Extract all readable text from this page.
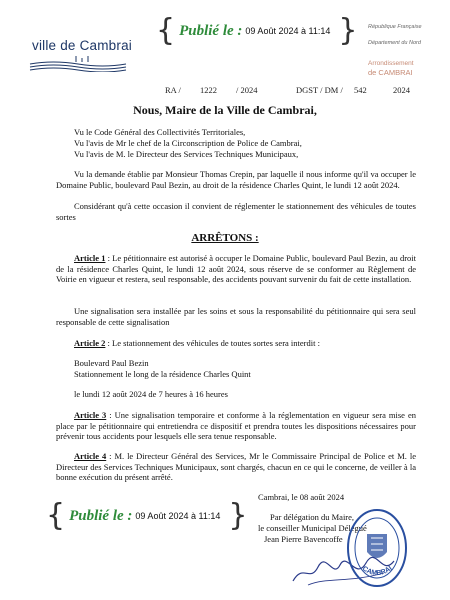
ville de Cambrai { Publié le : 09 Août 2024 à 11:14 } République Française
Département du Nord
Arrondissement
de CAMBRAI
RA / 1222 / 2024	DGST / DM / 542	2024
Nous, Maire de la Ville de Cambrai,

Vu le Code Général des Collectivités Territoriales,

Vu l'avis de Mr le chef de la Circonscription de Police de Cambrai,

Vu l'avis de M. le Directeur des Services Techniques Municipaux,

Vu la demande établie par Monsieur Thomas Crepin, par laquelle il nous informe qu'il va occuper le Domaine Public, boulevard Paul Bezin, au droit de la résidence Charles Quint, le lundi 12 août 2024.

Considérant qu'à cette occasion il convient de réglementer le stationnement des véhicules de toutes sortes

ARRÊTONS :

Article 1 : Le pétitionnaire est autorisé à occuper le Domaine Public, boulevard Paul Bezin, au droit de la résidence Charles Quint, le lundi 12 août 2024, sous réserve de se conformer au Règlement de Voirie en vigueur et restera, seul responsable, des accidents pouvant survenir du fait de cette installation.

Une signalisation sera installée par les soins et sous la responsabilité du pétitionnaire qui sera seul responsable de cette signalisation

Article 2 : Le stationnement des véhicules de toutes sortes sera interdit :

Boulevard Paul Bezin

Stationnement le long de la résidence Charles Quint

le lundi 12 août 2024 de 7 heures à 16 heures

Article 3 : Une signalisation temporaire et conforme à la réglementation en vigueur sera mise en place par le pétitionnaire qui entretiendra ce dispositif et prendra toutes les dispositions nécessaires pour prévenir tous accidents pour lesquels elle sera tenue responsable.

Article 4 : M. le Directeur Général des Services, Mr le Commissaire Principal de Police et M. le Directeur des Services Techniques Municipaux, sont chargés, chacun en ce qui le concerne, de veiller à la bonne exécution du présent arrêté.

Cambrai, le 08 août 2024
Par délégation du Maire,
le conseiller Municipal Délégué
Jean Pierre Bavencoffe
{ Publié le : 09 Août 2024 à 11:14 }
CAMBRAI
